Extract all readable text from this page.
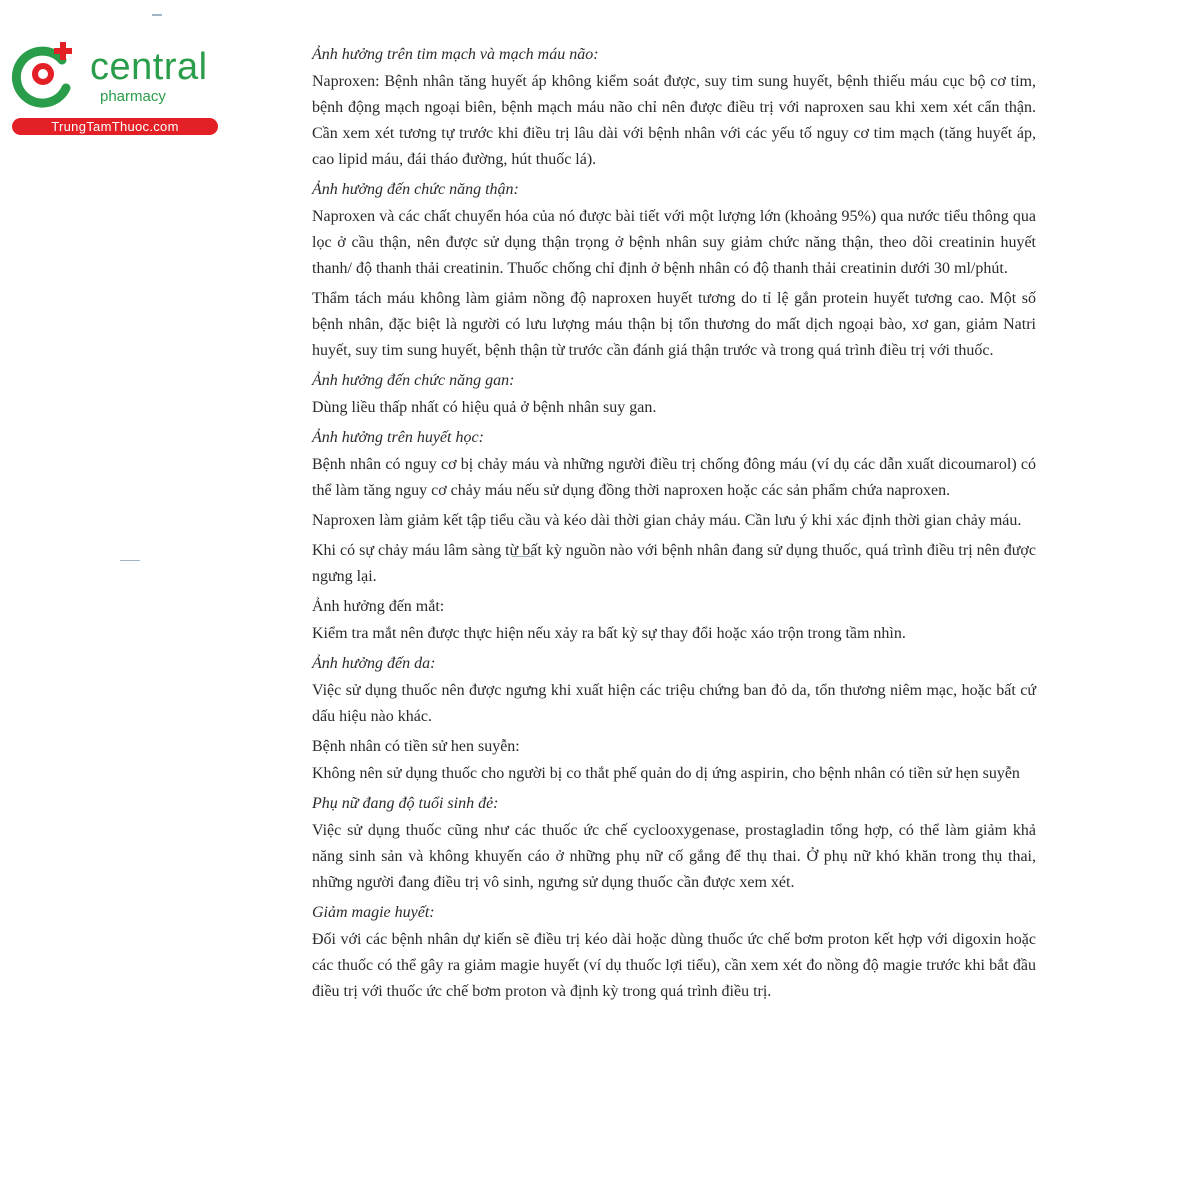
central
pharmacy
TrungTamThuoc.com
Ảnh hưởng trên tim mạch và mạch máu não:
Naproxen: Bệnh nhân tăng huyết áp không kiểm soát được, suy tim sung huyết, bệnh thiếu máu cục bộ cơ tim, bệnh động mạch ngoại biên, bệnh mạch máu não chỉ nên được điều trị với naproxen sau khi xem xét cẩn thận. Cần xem xét tương tự trước khi điều trị lâu dài với bệnh nhân với các yếu tố nguy cơ tim mạch (tăng huyết áp, cao lipid máu, đái tháo đường, hút thuốc lá).
Ảnh hưởng đến chức năng thận:
Naproxen và các chất chuyển hóa của nó được bài tiết với một lượng lớn (khoảng 95%) qua nước tiểu thông qua lọc ở cầu thận, nên được sử dụng thận trọng ở bệnh nhân suy giảm chức năng thận, theo dõi creatinin huyết thanh/ độ thanh thải creatinin. Thuốc chống chỉ định ở bệnh nhân có độ thanh thải creatinin dưới 30 ml/phút.
Thẩm tách máu không làm giảm nồng độ naproxen huyết tương do tỉ lệ gắn protein huyết tương cao. Một số bệnh nhân, đặc biệt là người có lưu lượng máu thận bị tổn thương do mất dịch ngoại bào, xơ gan, giảm Natri huyết, suy tim sung huyết, bệnh thận từ trước cần đánh giá thận trước và trong quá trình điều trị với thuốc.
Ảnh hưởng đến chức năng gan:
Dùng liều thấp nhất có hiệu quả ở bệnh nhân suy gan.
Ảnh hưởng trên huyết học:
Bệnh nhân có nguy cơ bị chảy máu và những người điều trị chống đông máu (ví dụ các dẫn xuất dicoumarol) có thể làm tăng nguy cơ chảy máu nếu sử dụng đồng thời naproxen hoặc các sản phẩm chứa naproxen.
Naproxen làm giảm kết tập tiểu cầu và kéo dài thời gian chảy máu. Cần lưu ý khi xác định thời gian chảy máu.
Khi có sự chảy máu lâm sàng từ bất kỳ nguồn nào với bệnh nhân đang sử dụng thuốc, quá trình điều trị nên được ngưng lại.
Ảnh hưởng đến mắt:
Kiểm tra mắt nên được thực hiện nếu xảy ra bất kỳ sự thay đổi hoặc xáo trộn trong tầm nhìn.
Ảnh hưởng đến da:
Việc sử dụng thuốc nên được ngưng khi xuất hiện các triệu chứng ban đỏ da, tổn thương niêm mạc, hoặc bất cứ dấu hiệu nào khác.
Bệnh nhân có tiền sử hen suyễn:
Không nên sử dụng thuốc cho người bị co thắt phế quản do dị ứng aspirin, cho bệnh nhân có tiền sử hẹn suyễn
Phụ nữ đang độ tuổi sinh đẻ:
Việc sử dụng thuốc cũng như các thuốc ức chế cyclooxygenase, prostagladin tổng hợp, có thể làm giảm khả năng sinh sản và không khuyến cáo ở những phụ nữ cố gắng để thụ thai. Ở phụ nữ khó khăn trong thụ thai, những người đang điều trị vô sinh, ngưng sử dụng thuốc cần được xem xét.
Giảm magie huyết:
Đối với các bệnh nhân dự kiến sẽ điều trị kéo dài hoặc dùng thuốc ức chế bơm proton kết hợp với digoxin hoặc các thuốc có thể gây ra giảm magie huyết (ví dụ thuốc lợi tiểu), cần xem xét đo nồng độ magie trước khi bắt đầu điều trị với thuốc ức chế bơm proton và định kỳ trong quá trình điều trị.
